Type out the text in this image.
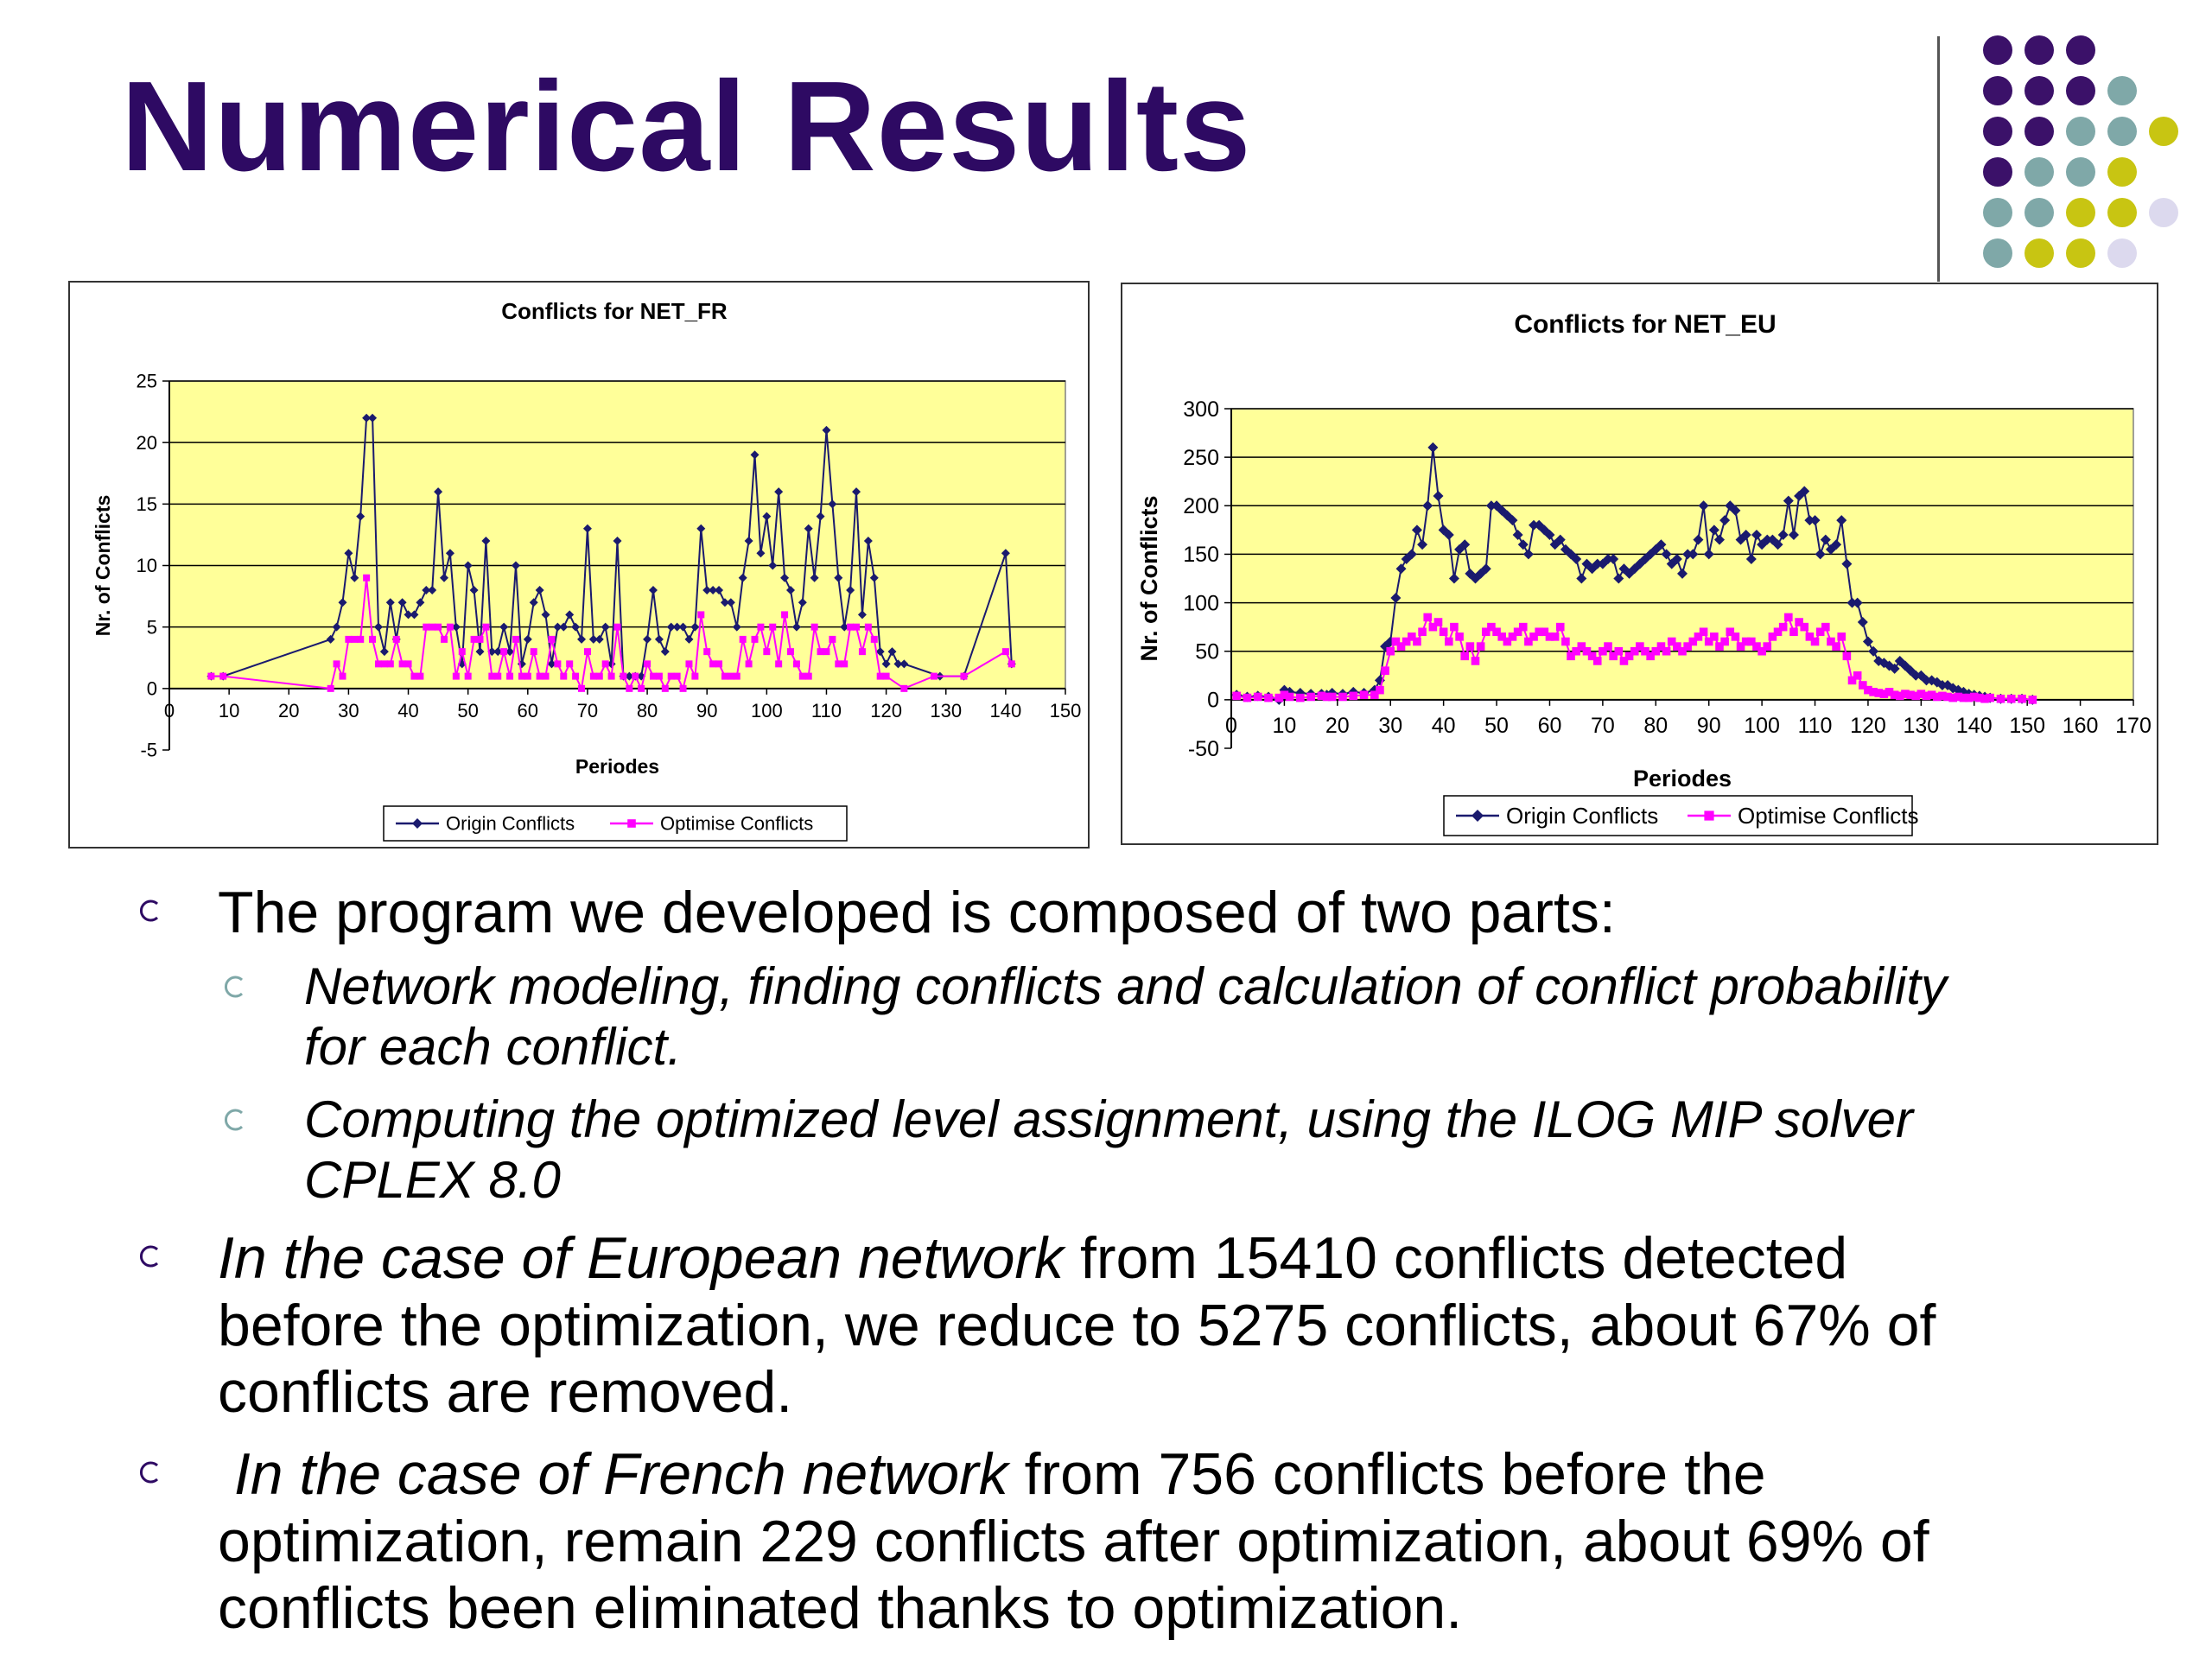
Numerical Results
Conflicts for NET_FR
-5
0
5
10
15
20
25
0 10 20 30 40 50 60 70 80 90 100 110 120 130 140 150
Periodes
Nr. of Conflicts
Origin Conflicts	Optimise Conflicts
Conflicts for NET_EU
-50
0
50
100
150
200
250
300
0 10 20 30 40 50 60 70 80 90 100 110 120 130 140 150 160 170
Periodes
Nr. of Conflicts
Origin Conflicts	Optimise Conflicts
The program we developed is composed of two parts:
Network modeling, finding conflicts and calculation of conflict probability
for each conflict.
Computing the optimized level assignment, using the ILOG MIP solver
CPLEX 8.0
In the case of European network from 15410 conflicts detected
before the optimization, we reduce to 5275 conflicts, about 67% of
conflicts are removed.
In the case of French network from 756 conflicts before the
optimization, remain 229 conflicts after optimization, about 69% of
conflicts been eliminated thanks to optimization.
